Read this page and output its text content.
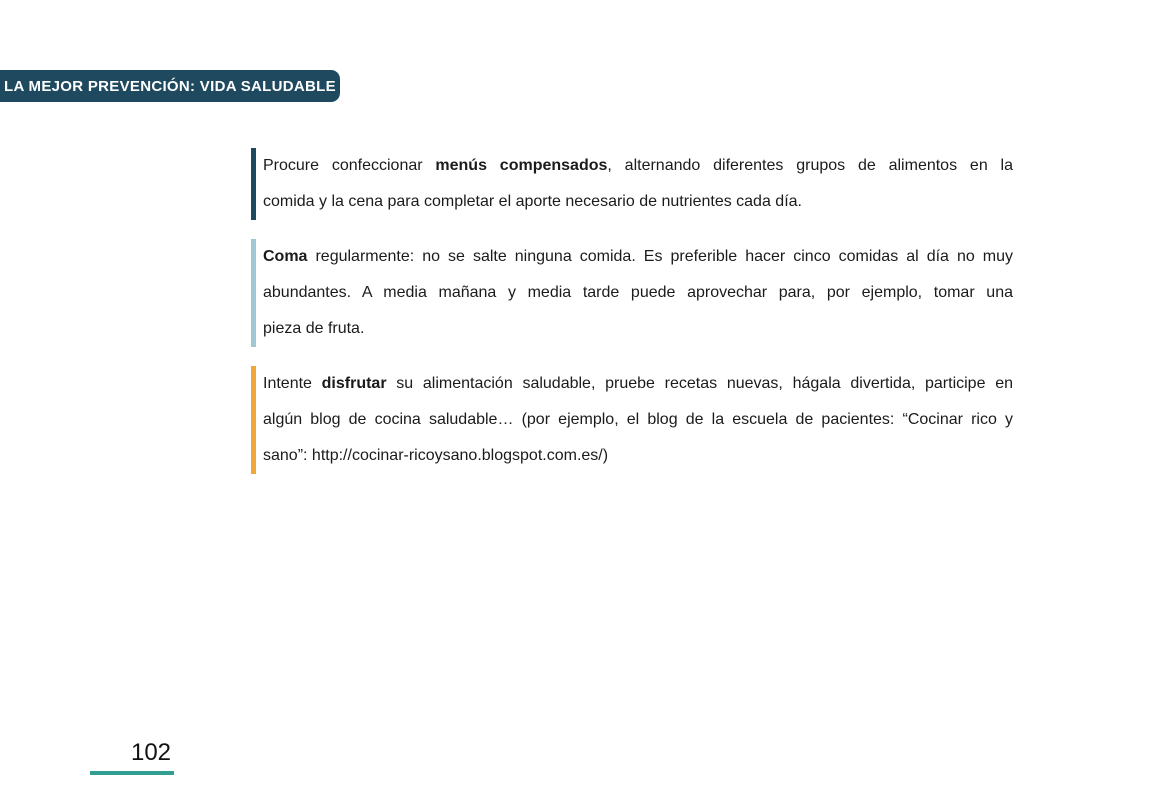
LA MEJOR PREVENCIÓN: VIDA SALUDABLE
Procure confeccionar menús compensados, alternando diferentes grupos de alimentos en la
comida y la cena para completar el aporte necesario de nutrientes cada día.
Coma regularmente: no se salte ninguna comida. Es preferible hacer cinco comidas al día no muy
abundantes. A media mañana y media tarde puede aprovechar para, por ejemplo, tomar una
pieza de fruta.
Intente disfrutar su alimentación saludable, pruebe recetas nuevas, hágala divertida, participe en
algún blog de cocina saludable… (por ejemplo, el blog de la escuela de pacientes: “Cocinar rico y
sano”: http://cocinar-ricoysano.blogspot.com.es/)
102
